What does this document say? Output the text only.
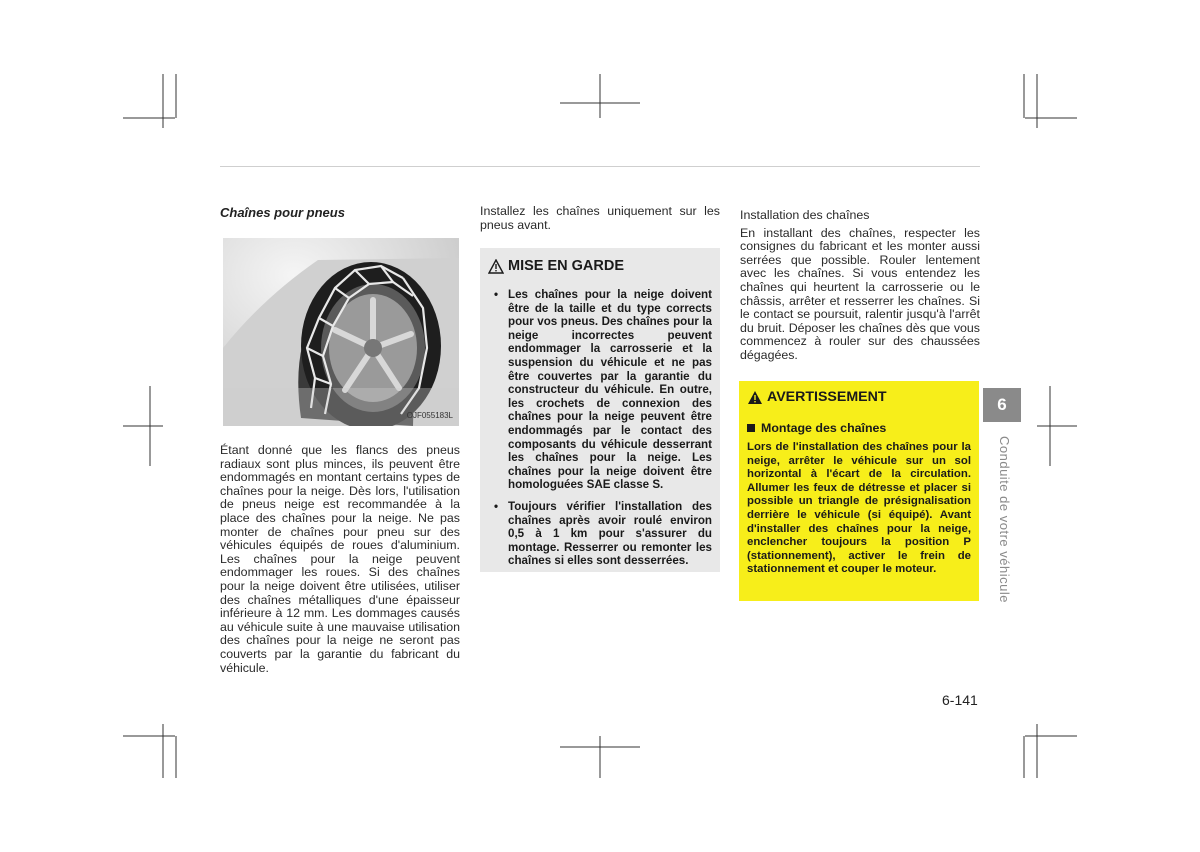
Chaînes pour pneus
OJF055183L

Étant donné que les flancs des pneus radiaux sont plus minces, ils peuvent être endommagés en montant certains types de chaînes pour la neige. Dès lors, l'utilisation de pneus neige est recommandée à la place des chaînes pour la neige. Ne pas monter de chaînes pour pneu sur des véhicules équipés de roues d'aluminium. Les chaînes pour la neige peuvent endommager les roues. Si des chaînes pour la neige doivent être utilisées, utiliser des chaînes métalliques d'une épaisseur inférieure à 12 mm. Les dommages causés au véhicule suite à une mauvaise utilisation des chaînes pour la neige ne seront pas couverts par la garantie du fabricant du véhicule.

Installez les chaînes uniquement sur les pneus avant.

MISE EN GARDE
• Les chaînes pour la neige doivent être de la taille et du type corrects pour vos pneus. Des chaînes pour la neige incorrectes peuvent endommager la carrosserie et la suspension du véhicule et ne pas être couvertes par la garantie du constructeur du véhicule. En outre, les crochets de connexion des chaînes pour la neige peuvent être endommagés par le contact des composants du véhicule desserrant les chaînes pour la neige. Les chaînes pour la neige doivent être homologuées SAE classe S.
• Toujours vérifier l'installation des chaînes après avoir roulé environ 0,5 à 1 km pour s'assurer du montage. Resserrer ou remonter les chaînes si elles sont desserrées.

Installation des chaînes

En installant des chaînes, respecter les consignes du fabricant et les monter aussi serrées que possible. Rouler lentement avec les chaînes. Si vous entendez les chaînes qui heurtent la carrosserie ou le châssis, arrêter et resserrer les chaînes. Si le contact se poursuit, ralentir jusqu'à l'arrêt du bruit. Déposer les chaînes dès que vous commencez à rouler sur des chaussées dégagées.

AVERTISSEMENT
Montage des chaînes
Lors de l'installation des chaînes pour la neige, arrêter le véhicule sur un sol horizontal à l'écart de la circulation. Allumer les feux de détresse et placer si possible un triangle de présignalisation derrière le véhicule (si équipé). Avant d'installer des chaînes pour la neige, enclencher toujours la position P (stationnement), activer le frein de stationnement et couper le moteur.
6
Conduite de votre véhicule
6-141
